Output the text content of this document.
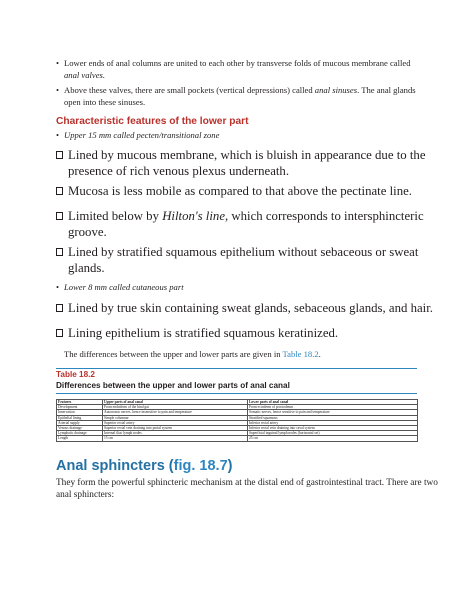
• Lower ends of anal columns are united to each other by transverse folds of mucous membrane called
anal valves.
• Above these valves, there are small pockets (vertical depressions) called anal sinuses. The anal glands
open into these sinuses.
Characteristic features of the lower part
• Upper 15 mm called pecten/transitional zone
Lined by mucous membrane, which is bluish in appearance due to the
presence of rich venous plexus underneath.
Mucosa is less mobile as compared to that above the pectinate line.
Limited below by Hilton's line, which corresponds to intersphincteric
groove.
Lined by stratified squamous epithelium without sebaceous or sweat
glands.
• Lower 8 mm called cutaneous part
Lined by true skin containing sweat glands, sebaceous glands, and hair.
Lining epithelium is stratified squamous keratinized.
The differences between the upper and lower parts are given in Table 18.2.
Table 18.2
Differences between the upper and lower parts of anal canal
Features	Upper parts of anal canal	Lower parts of anal canal
Development	From endoderm of the hind gut	From ectoderm of proctodeum
Innervation	Autonomic nerves, hence insensitive to pain and temperature	Somatic nerves, hence sensitive to pain and temperature
Epithelial lining	Simple columnar	Stratified squamous
Arterial supply	Superior rectal artery	Inferior rectal artery
Venous drainage	Superior rectal vein draining into portal system	Inferior rectal vein draining into caval system
Lymphatic drainage	Internal iliac lymph nodes	Superficial inguinal lymph nodes (horizontal set)
Length	15 cm	25 cm
Anal sphincters (fig. 18.7)
They form the powerful sphincteric mechanism at the distal end of gastrointestinal tract. There are two
anal sphincters:
